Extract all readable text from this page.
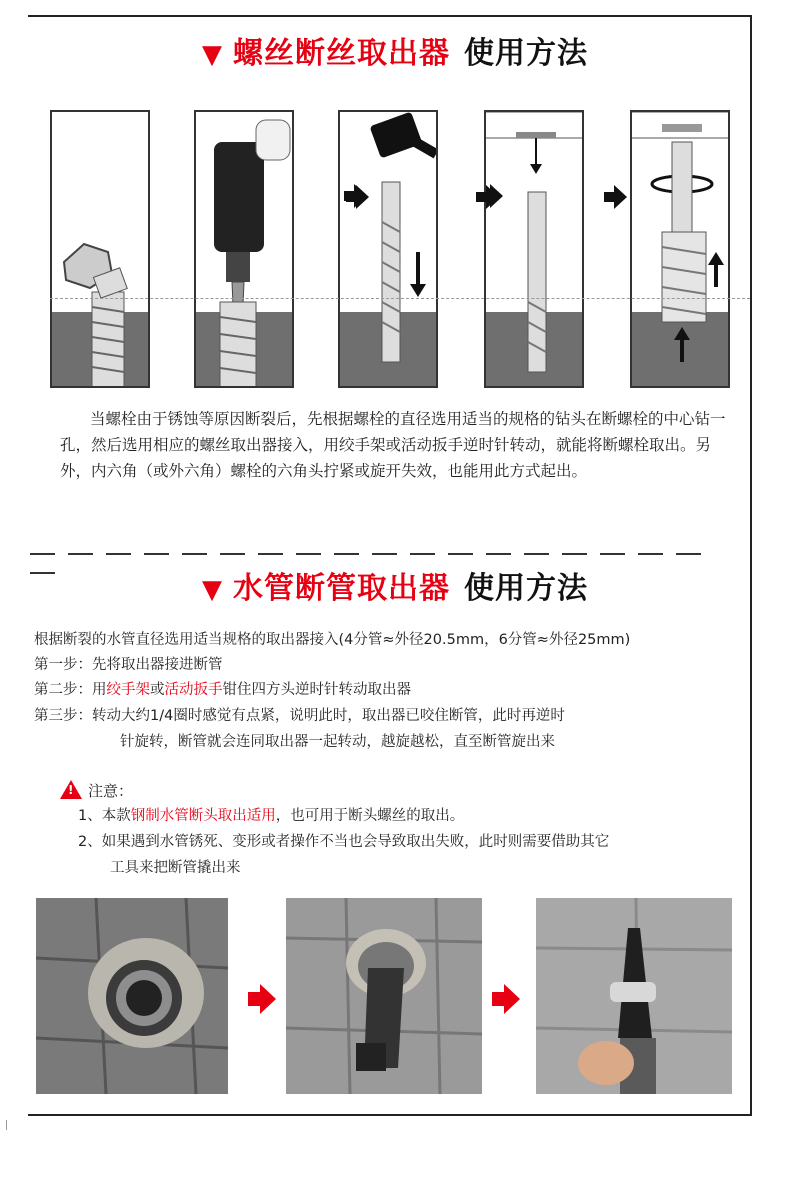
▼ 螺丝断丝取出器 使用方法
当螺栓由于锈蚀等原因断裂后，先根据螺栓的直径选用适当的规格的钻头在断螺栓的中心钻一孔，然后选用相应的螺丝取出器接入，用绞手架或活动扳手逆时针转动，就能将断螺栓取出。另外，内六角（或外六角）螺栓的六角头拧紧或旋开失效，也能用此方式起出。
▼ 水管断管取出器 使用方法
根据断裂的水管直径选用适当规格的取出器接入(4分管≈外径20.5mm，6分管≈外径25mm)
第一步：先将取出器接进断管
第二步：用绞手架或活动扳手钳住四方头逆时针转动取出器
第三步：转动大约1/4圈时感觉有点紧，说明此时，取出器已咬住断管，此时再逆时
针旋转，断管就会连同取出器一起转动，越旋越松，直至断管旋出来
! 注意：
1、本款钢制水管断头取出适用，也可用于断头螺丝的取出。
2、如果遇到水管锈死、变形或者操作不当也会导致取出失败，此时则需要借助其它
工具来把断管撬出来
